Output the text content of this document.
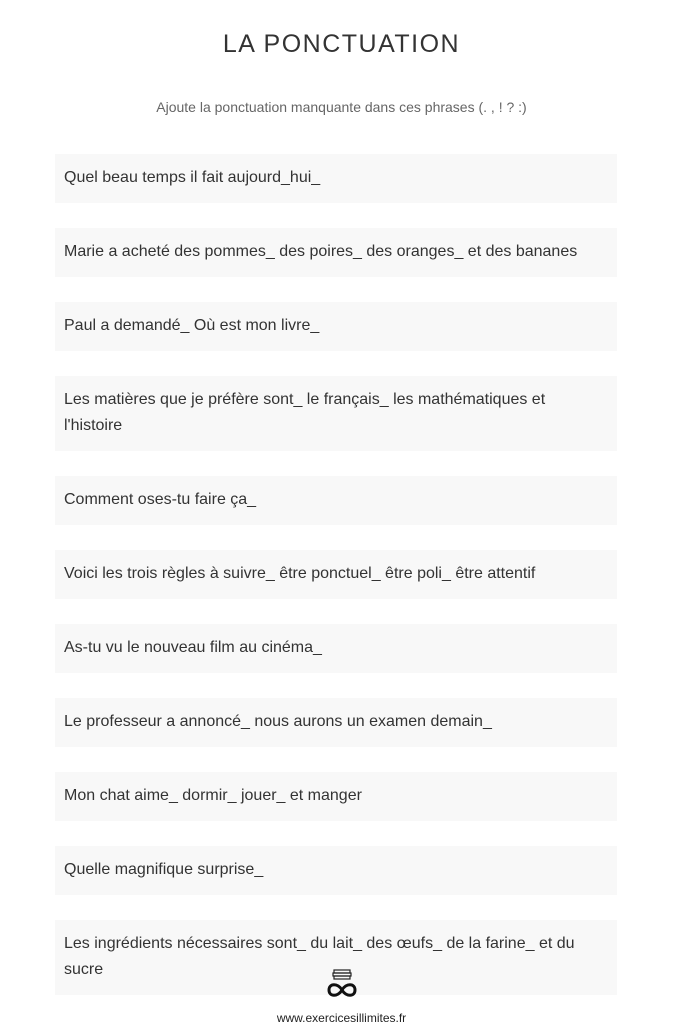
LA PONCTUATION
Ajoute la ponctuation manquante dans ces phrases (. , ! ? :)
Quel beau temps il fait aujourd_hui_
Marie a acheté des pommes_ des poires_ des oranges_ et des bananes
Paul a demandé_ Où est mon livre_
Les matières que je préfère sont_ le français_ les mathématiques et l'histoire
Comment oses-tu faire ça_
Voici les trois règles à suivre_ être ponctuel_ être poli_ être attentif
As-tu vu le nouveau film au cinéma_
Le professeur a annoncé_ nous aurons un examen demain_
Mon chat aime_ dormir_ jouer_ et manger
Quelle magnifique surprise_
Les ingrédients nécessaires sont_ du lait_ des œufs_ de la farine_ et du sucre
www.exercicesillimites.fr
